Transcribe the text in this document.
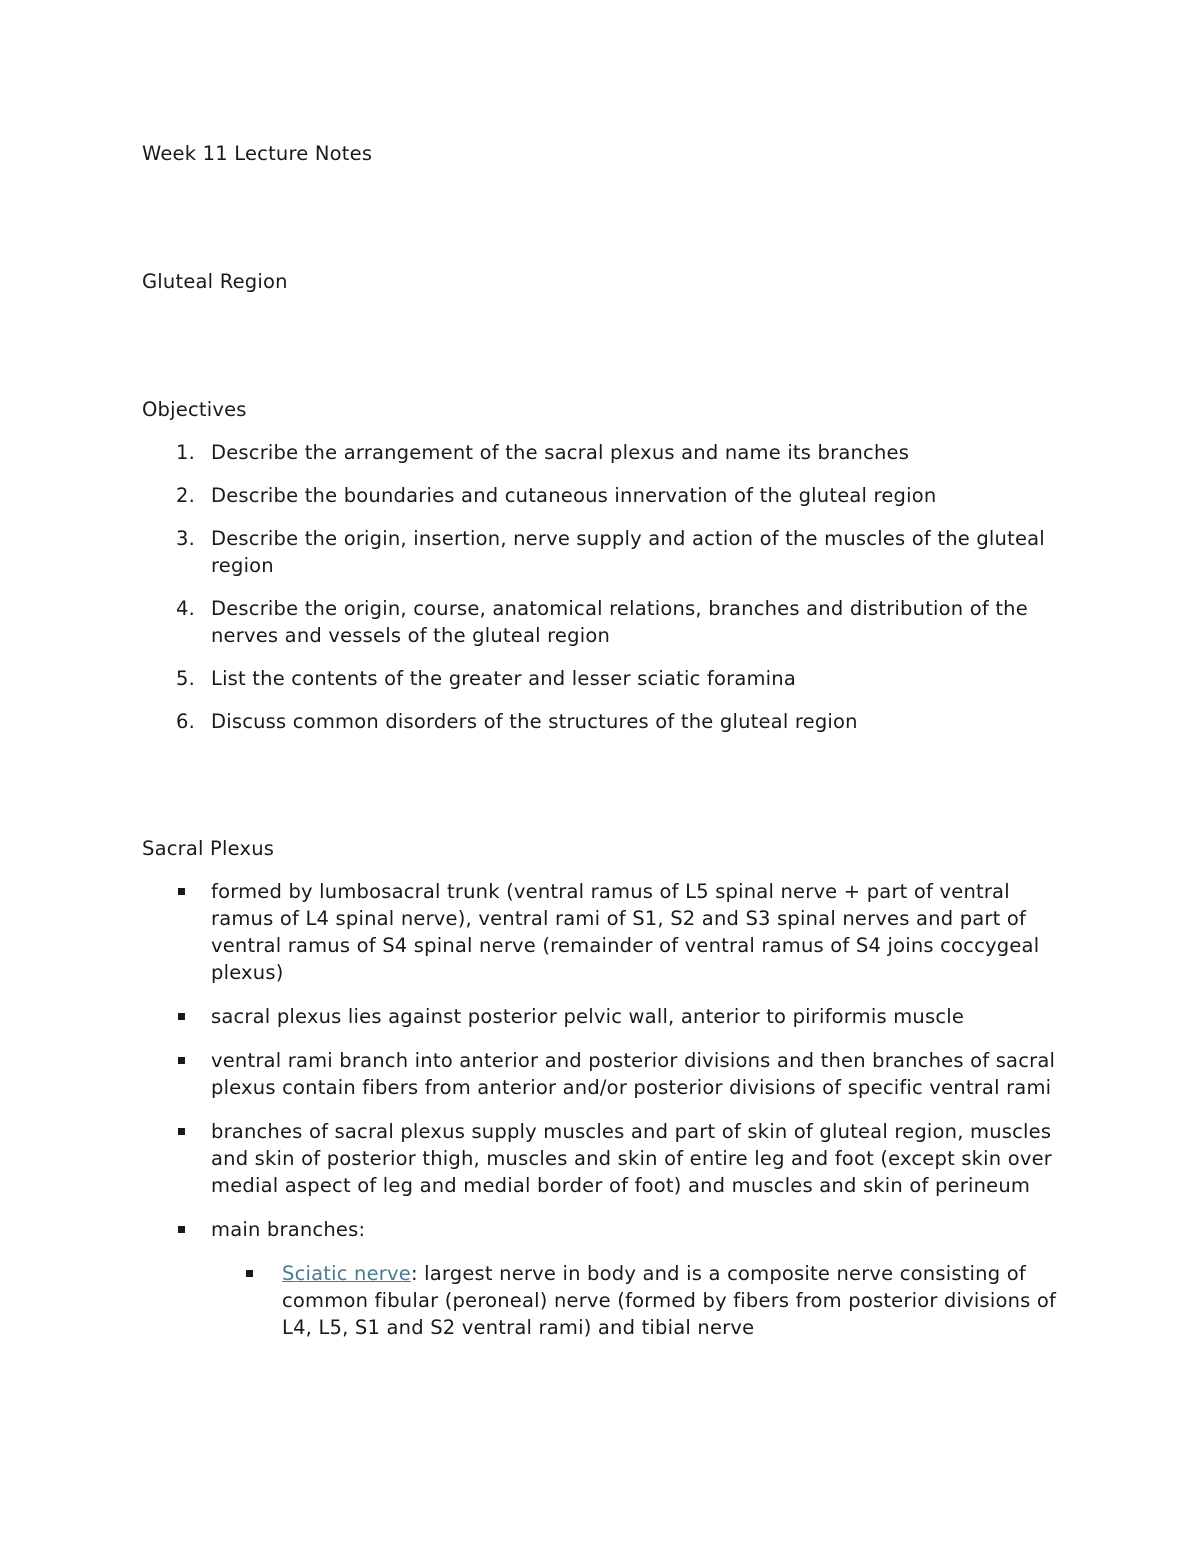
Week 11 Lecture Notes
Gluteal Region
Objectives
1. Describe the arrangement of the sacral plexus and name its branches
2. Describe the boundaries and cutaneous innervation of the gluteal region
3. Describe the origin, insertion, nerve supply and action of the muscles of the gluteal region
4. Describe the origin, course, anatomical relations, branches and distribution of the nerves and vessels of the gluteal region
5. List the contents of the greater and lesser sciatic foramina
6. Discuss common disorders of the structures of the gluteal region
Sacral Plexus
formed by lumbosacral trunk (ventral ramus of L5 spinal nerve + part of ventral ramus of L4 spinal nerve), ventral rami of S1, S2 and S3 spinal nerves and part of ventral ramus of S4 spinal nerve (remainder of ventral ramus of S4 joins coccygeal plexus)
sacral plexus lies against posterior pelvic wall, anterior to piriformis muscle
ventral rami branch into anterior and posterior divisions and then branches of sacral plexus contain fibers from anterior and/or posterior divisions of specific ventral rami
branches of sacral plexus supply muscles and part of skin of gluteal region, muscles and skin of posterior thigh, muscles and skin of entire leg and foot (except skin over medial aspect of leg and medial border of foot) and muscles and skin of perineum
main branches:
Sciatic nerve: largest nerve in body and is a composite nerve consisting of common fibular (peroneal) nerve (formed by fibers from posterior divisions of L4, L5, S1 and S2 ventral rami) and tibial nerve
